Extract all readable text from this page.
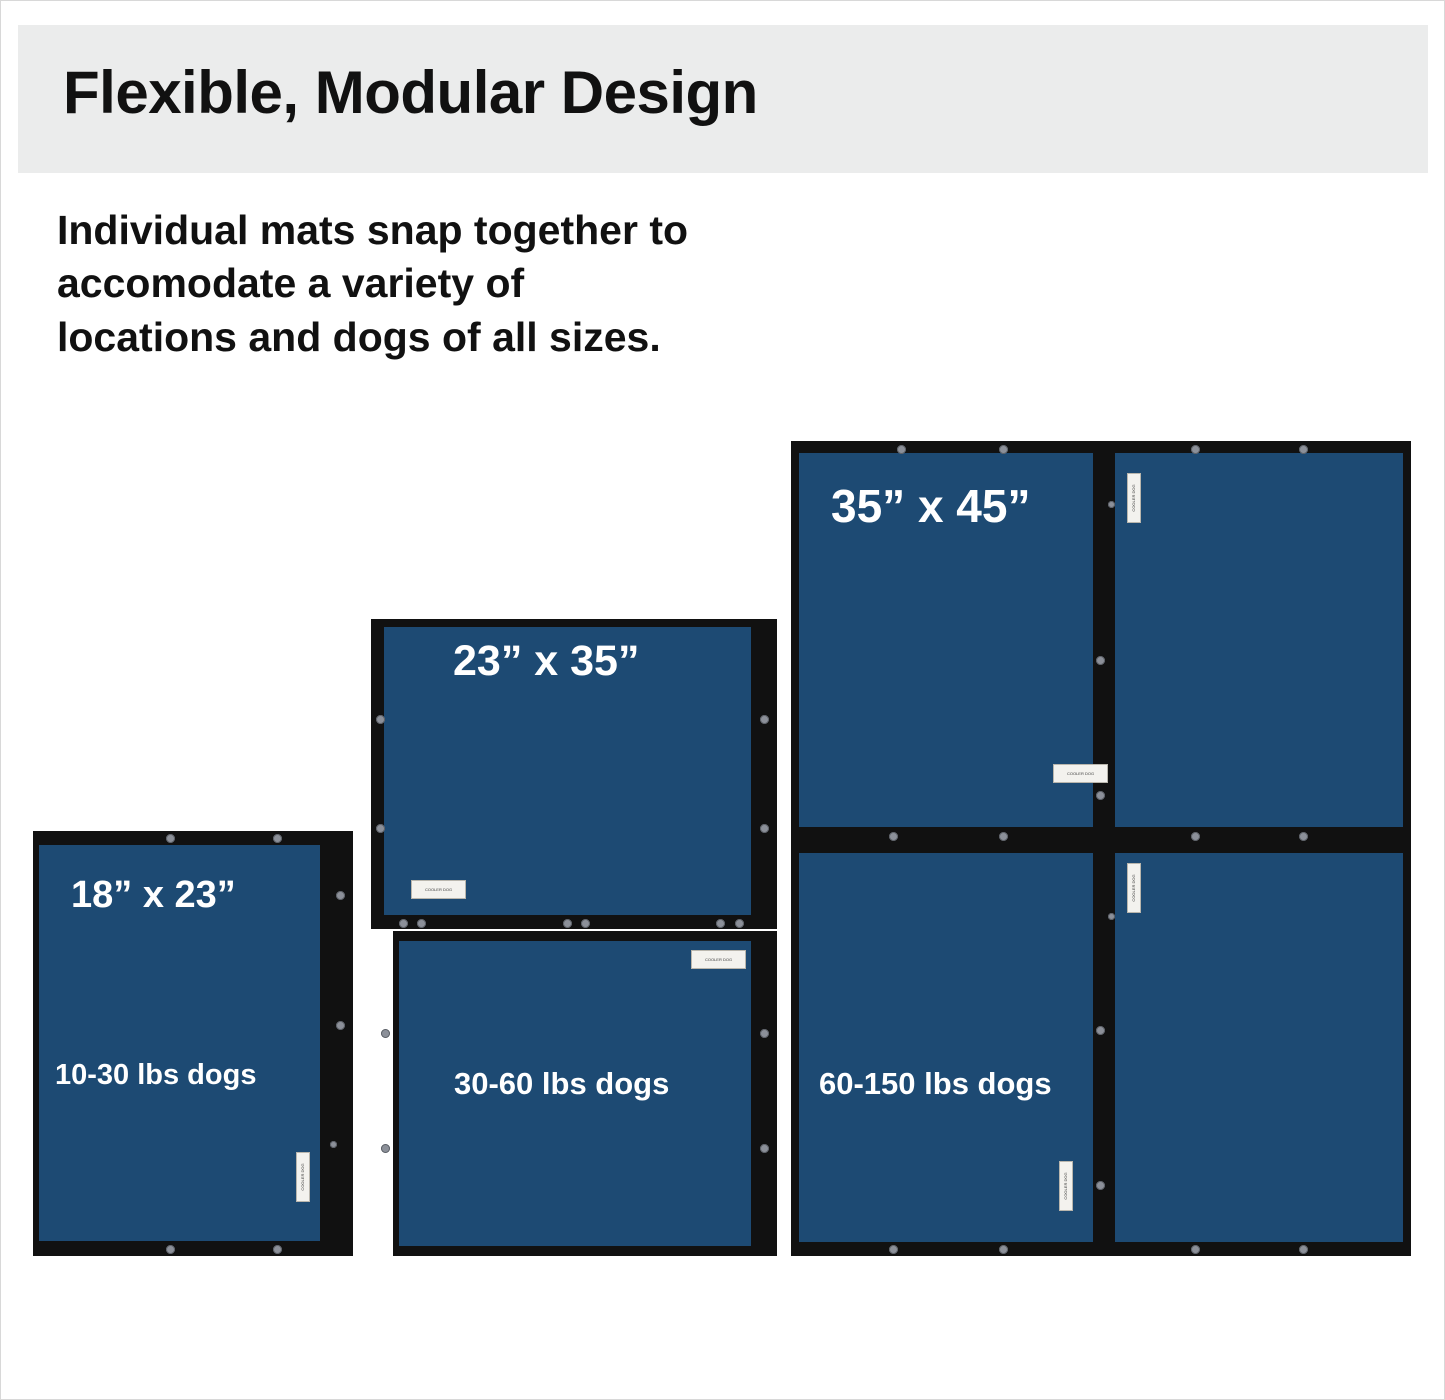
Flexible, Modular Design
Individual mats snap together to
accomodate a variety of
locations and dogs of all sizes.
18” x 23”
10-30 lbs dogs
COOLER DOG
23” x 35”
30-60 lbs dogs
COOLER DOG
COOLER DOG
35” x 45”
60-150 lbs dogs
COOLER DOG
COOLER DOG
COOLER DOG
COOLER DOG
